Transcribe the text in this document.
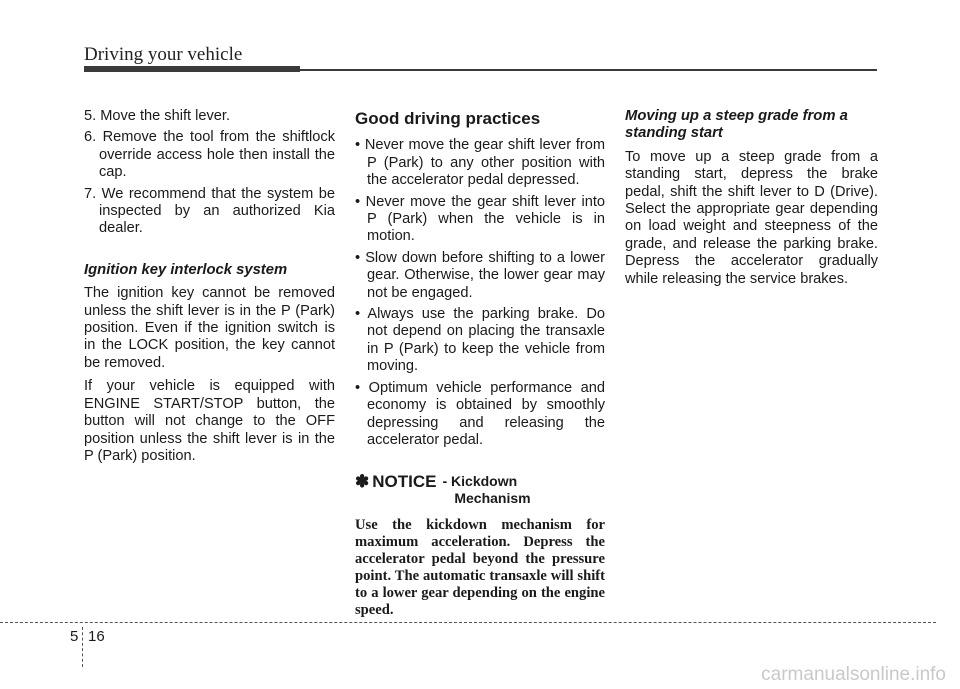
Driving your vehicle
5. Move the shift lever.
6. Remove the tool from the shiftlock override access hole then install the cap.
7. We recommend that the system be inspected by an authorized Kia dealer.
Ignition key interlock system

The ignition key cannot be removed unless the shift lever is in the P (Park) position. Even if the ignition switch is in the LOCK position, the key cannot be removed.

If your vehicle is equipped with ENGINE START/STOP button, the button will not change to the OFF position unless the shift lever is in the P (Park) position.

Good driving practices
• Never move the gear shift lever from P (Park) to any other position with the accelerator pedal depressed.
• Never move the gear shift lever into P (Park) when the vehicle is in motion.
• Slow down before shifting to a lower gear. Otherwise, the lower gear may not be engaged.
• Always use the parking brake. Do not depend on placing the transaxle in P (Park) to keep the vehicle from moving.
• Optimum vehicle performance and economy is obtained by smoothly depressing and releasing the accelerator pedal.
✽ NOTICE - Kickdown
Mechanism
Use the kickdown mechanism for maximum acceleration. Depress the accelerator pedal beyond the pressure point. The automatic transaxle will shift to a lower gear depending on the engine speed.
Moving up a steep grade from a standing start

To move up a steep grade from a standing start, depress the brake pedal, shift the shift lever to D (Drive). Select the appropriate gear depending on load weight and steepness of the grade, and release the parking brake. Depress the accelerator gradually while releasing the service brakes.

5 16
carmanualsonline.info
